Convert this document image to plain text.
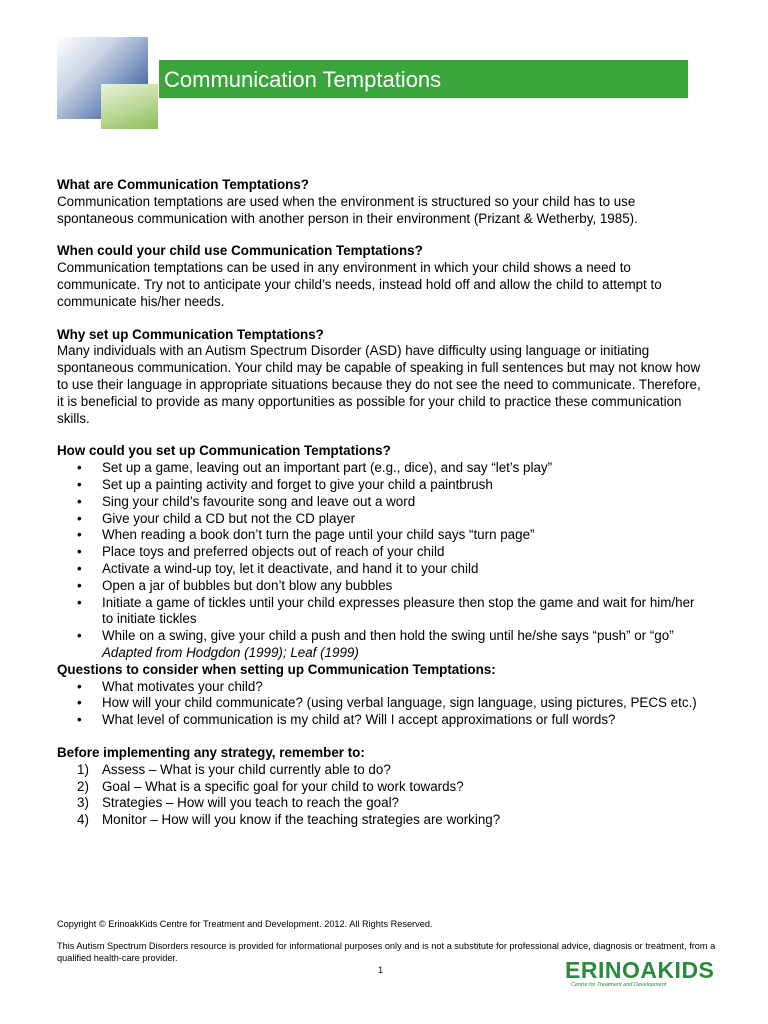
Communication Temptations
What are Communication Temptations?

Communication temptations are used when the environment is structured so your child has to use spontaneous communication with another person in their environment (Prizant & Wetherby, 1985).

When could your child use Communication Temptations?

Communication temptations can be used in any environment in which your child shows a need to communicate. Try not to anticipate your child’s needs, instead hold off and allow the child to attempt to communicate his/her needs.

Why set up Communication Temptations?

Many individuals with an Autism Spectrum Disorder (ASD) have difficulty using language or initiating spontaneous communication. Your child may be capable of speaking in full sentences but may not know how to use their language in appropriate situations because they do not see the need to communicate. Therefore, it is beneficial to provide as many opportunities as possible for your child to practice these communication skills.

How could you set up Communication Temptations?
• Set up a game, leaving out an important part (e.g., dice), and say “let’s play”
• Set up a painting activity and forget to give your child a paintbrush
• Sing your child’s favourite song and leave out a word
• Give your child a CD but not the CD player
• When reading a book don’t turn the page until your child says “turn page”
• Place toys and preferred objects out of reach of your child
• Activate a wind-up toy, let it deactivate, and hand it to your child
• Open a jar of bubbles but don’t blow any bubbles
• Initiate a game of tickles until your child expresses pleasure then stop the game and wait for him/her to initiate tickles
• While on a swing, give your child a push and then hold the swing until he/she says “push” or “go”

Adapted from Hodgdon (1999); Leaf (1999)

Questions to consider when setting up Communication Temptations:
• What motivates your child?
• How will your child communicate? (using verbal language, sign language, using pictures, PECS etc.)
• What level of communication is my child at? Will I accept approximations or full words?
Before implementing any strategy, remember to:
1) Assess – What is your child currently able to do?
2) Goal – What is a specific goal for your child to work towards?
3) Strategies – How will you teach to reach the goal?
4) Monitor – How will you know if the teaching strategies are working?
Copyright © ErinoakKids Centre for Treatment and Development. 2012. All Rights Reserved.
This Autism Spectrum Disorders resource is provided for informational purposes only and is not a substitute for professional advice, diagnosis or treatment, from a qualified health-care provider.
1	ERINOAKIDS
Centre for Treatment and Development
